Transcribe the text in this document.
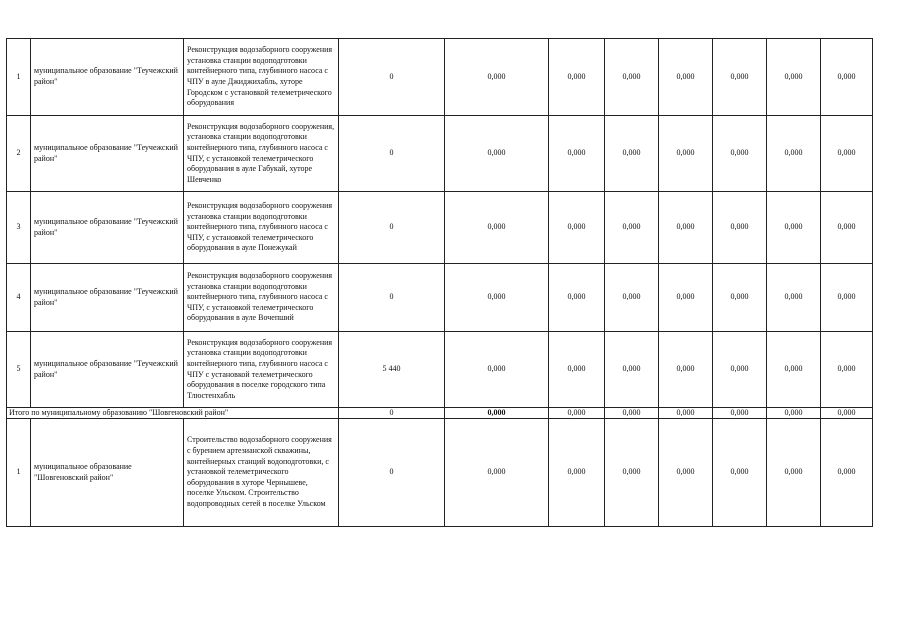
1	муниципальное образование "Теучежский район"	Реконструкция водозаборного сооружения установка станции водоподготовки контейнерного типа, глубинного насоса с ЧПУ в ауле Джиджихабль, хуторе Городском с установкой телеметрического оборудования	0	0,000	0,000	0,000	0,000	0,000	0,000	0,000
2	муниципальное образование "Теучежский район"	Реконструкция водозаборного сооружения, установка станции водоподготовки контейнерного типа, глубинного насоса с ЧПУ, с установкой телеметрического оборудования в ауле Габукай, хуторе Шевченко	0	0,000	0,000	0,000	0,000	0,000	0,000	0,000
3	муниципальное образование "Теучежский район"	Реконструкция водозаборного сооружения установка станции водоподготовки контейнерного типа, глубинного насоса с ЧПУ, с установкой телеметрического оборудования в ауле Понежукай	0	0,000	0,000	0,000	0,000	0,000	0,000	0,000
4	муниципальное образование "Теучежский район"	Реконструкция водозаборного сооружения установка станции водоподготовки контейнерного типа, глубинного насоса с ЧПУ, с установкой телеметрического оборудования в ауле Вочепший	0	0,000	0,000	0,000	0,000	0,000	0,000	0,000
5	муниципальное образование "Теучежский район"	Реконструкция водозаборного сооружения установка станции водоподготовки контейнерного типа, глубинного насоса с ЧПУ с установкой телеметрического оборудования в поселке городского типа Тлюстенхабль	5 440	0,000	0,000	0,000	0,000	0,000	0,000	0,000
Итого по муниципальному образованию "Шовгеновский район"			0	0,000	0,000	0,000	0,000	0,000	0,000	0,000
1	муниципальное образование "Шовгеновский район"	Строительство водозаборного сооружения с бурением артезианской скважины, контейнерных станций водоподготовки, с установкой телеметрического оборудования в хуторе Чернышеве, поселке Ульском. Строительство водопроводных сетей в поселке Ульском	0	0,000	0,000	0,000	0,000	0,000	0,000	0,000
